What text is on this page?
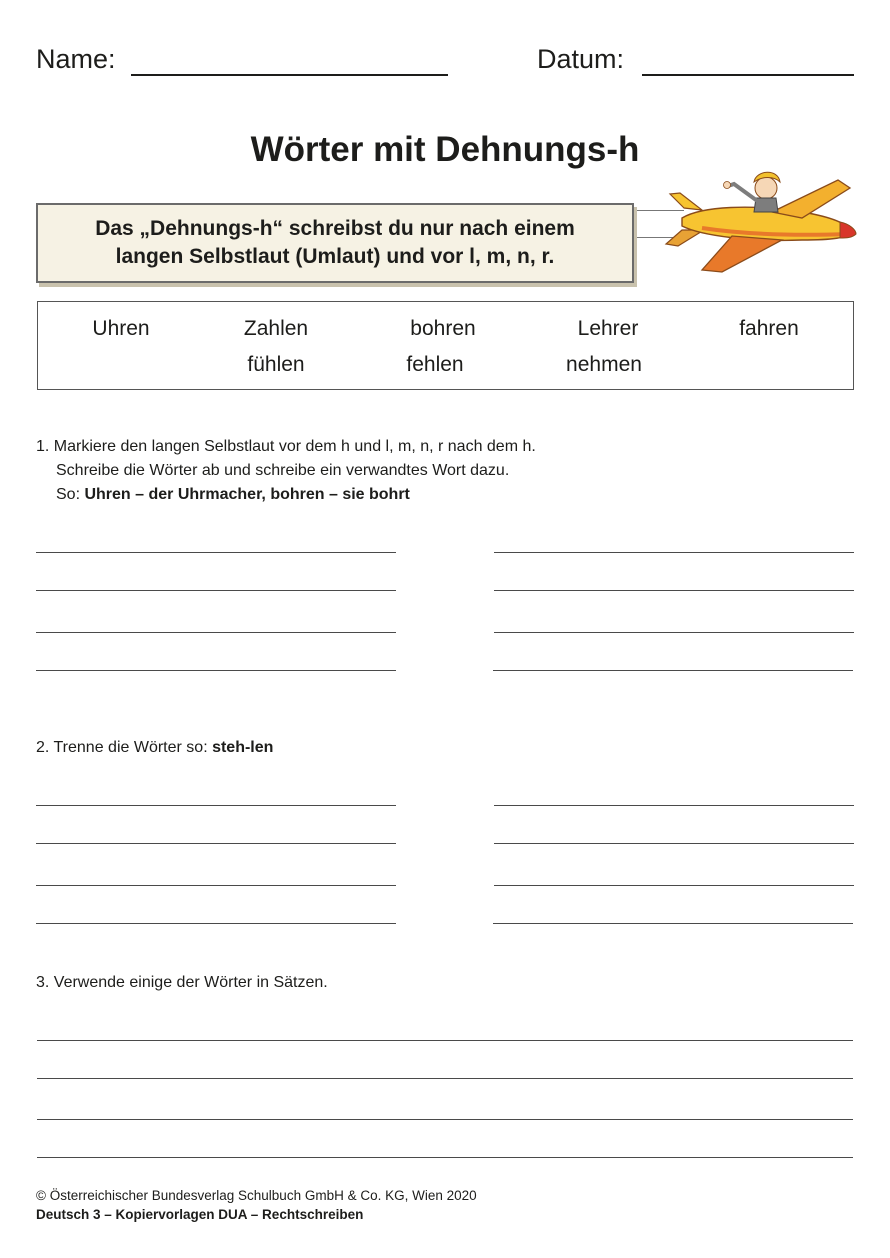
Name:	Datum:
Wörter mit Dehnungs-h
Das „Dehnungs-h“ schreibst du nur nach einem
langen Selbstlaut (Umlaut) und vor l, m, n, r.
Uhren	Zahlen	bohren	Lehrer	fahren
fühlen	fehlen	nehmen
1. Markiere den langen Selbstlaut vor dem h und l, m, n, r nach dem h.
Schreibe die Wörter ab und schreibe ein verwandtes Wort dazu.
So: Uhren – der Uhrmacher, bohren – sie bohrt
2. Trenne die Wörter so: steh-len
3. Verwende einige der Wörter in Sätzen.
© Österreichischer Bundesverlag Schulbuch GmbH & Co. KG, Wien 2020
Deutsch 3 – Kopiervorlagen DUA – Rechtschreiben
